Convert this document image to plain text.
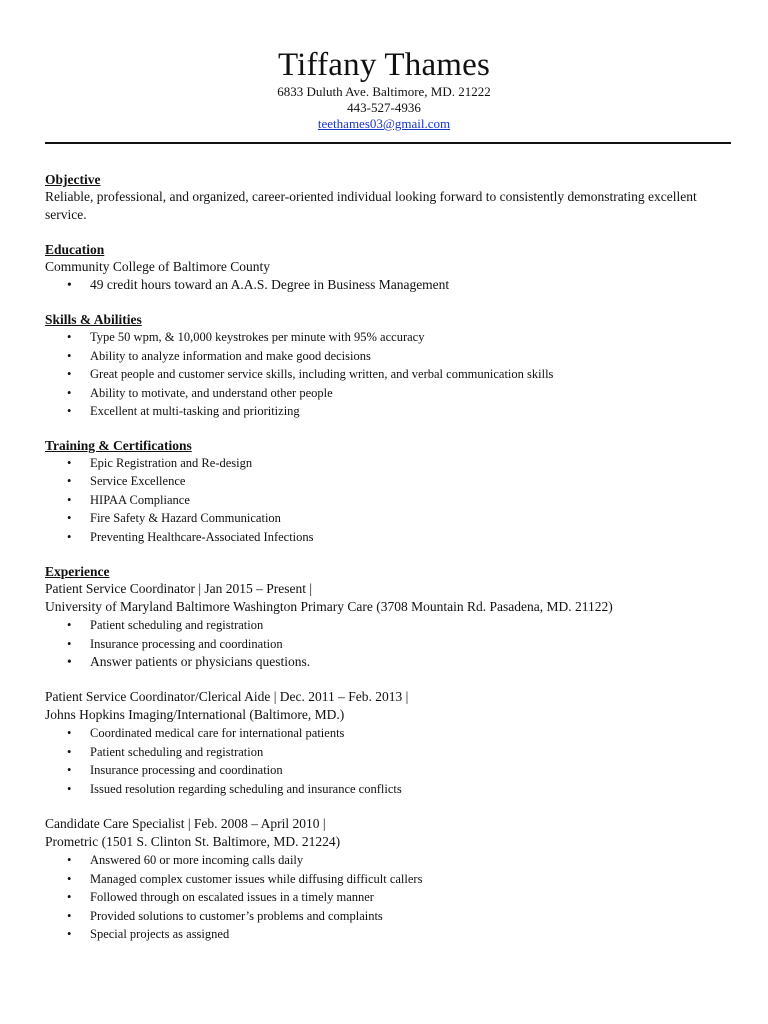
Tiffany Thames
6833 Duluth Ave. Baltimore, MD. 21222
443-527-4936
teethames03@gmail.com
Objective
Reliable, professional, and organized, career-oriented individual looking forward to consistently demonstrating excellent service.
Education
Community College of Baltimore County
• 49 credit hours toward an A.A.S. Degree in Business Management
Skills & Abilities
• Type 50 wpm, & 10,000 keystrokes per minute with 95% accuracy
• Ability to analyze information and make good decisions
• Great people and customer service skills, including written, and verbal communication skills
• Ability to motivate, and understand other people
• Excellent at multi-tasking and prioritizing
Training & Certifications
• Epic Registration and Re-design
• Service Excellence
• HIPAA Compliance
• Fire Safety & Hazard Communication
• Preventing Healthcare-Associated Infections
Experience
Patient Service Coordinator | Jan 2015 – Present |
University of Maryland Baltimore Washington Primary Care (3708 Mountain Rd. Pasadena, MD. 21122)
• Patient scheduling and registration
• Insurance processing and coordination
• Answer patients or physicians questions.
Patient Service Coordinator/Clerical Aide | Dec. 2011 – Feb. 2013 |
Johns Hopkins Imaging/International (Baltimore, MD.)
• Coordinated medical care for international patients
• Patient scheduling and registration
• Insurance processing and coordination
• Issued resolution regarding scheduling and insurance conflicts
Candidate Care Specialist | Feb. 2008 – April 2010 |
Prometric (1501 S. Clinton St. Baltimore, MD. 21224)
• Answered 60 or more incoming calls daily
• Managed complex customer issues while diffusing difficult callers
• Followed through on escalated issues in a timely manner
• Provided solutions to customer’s problems and complaints
• Special projects as assigned
